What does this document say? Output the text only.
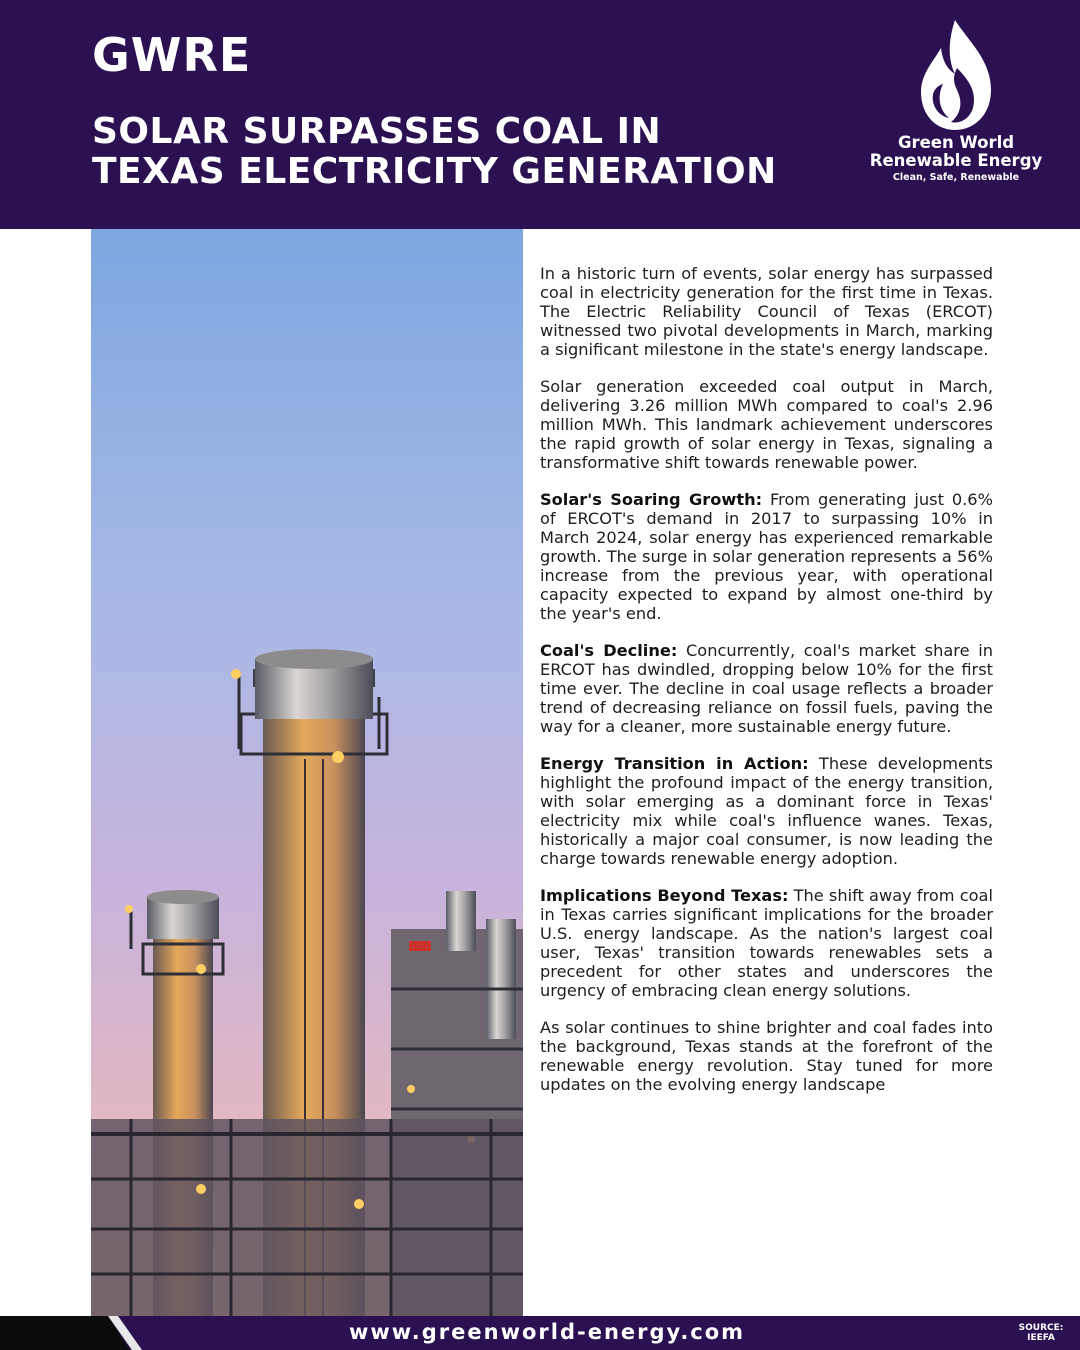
GWRE
SOLAR SURPASSES COAL IN
TEXAS ELECTRICITY GENERATION
Green World
Renewable Energy
Clean, Safe, Renewable

In a historic turn of events, solar energy has surpassed coal in electricity generation for the first time in Texas. The Electric Reliability Council of Texas (ERCOT) witnessed two pivotal developments in March, marking a significant milestone in the state's energy landscape.

Solar generation exceeded coal output in March, delivering 3.26 million MWh compared to coal's 2.96 million MWh. This landmark achievement underscores the rapid growth of solar energy in Texas, signaling a transformative shift towards renewable power.

Solar's Soaring Growth: From generating just 0.6% of ERCOT's demand in 2017 to surpassing 10% in March 2024, solar energy has experienced remarkable growth. The surge in solar generation represents a 56% increase from the previous year, with operational capacity expected to expand by almost one-third by the year's end.

Coal's Decline: Concurrently, coal's market share in ERCOT has dwindled, dropping below 10% for the first time ever. The decline in coal usage reflects a broader trend of decreasing reliance on fossil fuels, paving the way for a cleaner, more sustainable energy future.

Energy Transition in Action: These developments highlight the profound impact of the energy transition, with solar emerging as a dominant force in Texas' electricity mix while coal's influence wanes. Texas, historically a major coal consumer, is now leading the charge towards renewable energy adoption.

Implications Beyond Texas: The shift away from coal in Texas carries significant implications for the broader U.S. energy landscape. As the nation's largest coal user, Texas' transition towards renewables sets a precedent for other states and underscores the urgency of embracing clean energy solutions.

As solar continues to shine brighter and coal fades into the background, Texas stands at the forefront of the renewable energy revolution. Stay tuned for more updates on the evolving energy landscape

www.greenworld-energy.com	SOURCE:
IEEFA
